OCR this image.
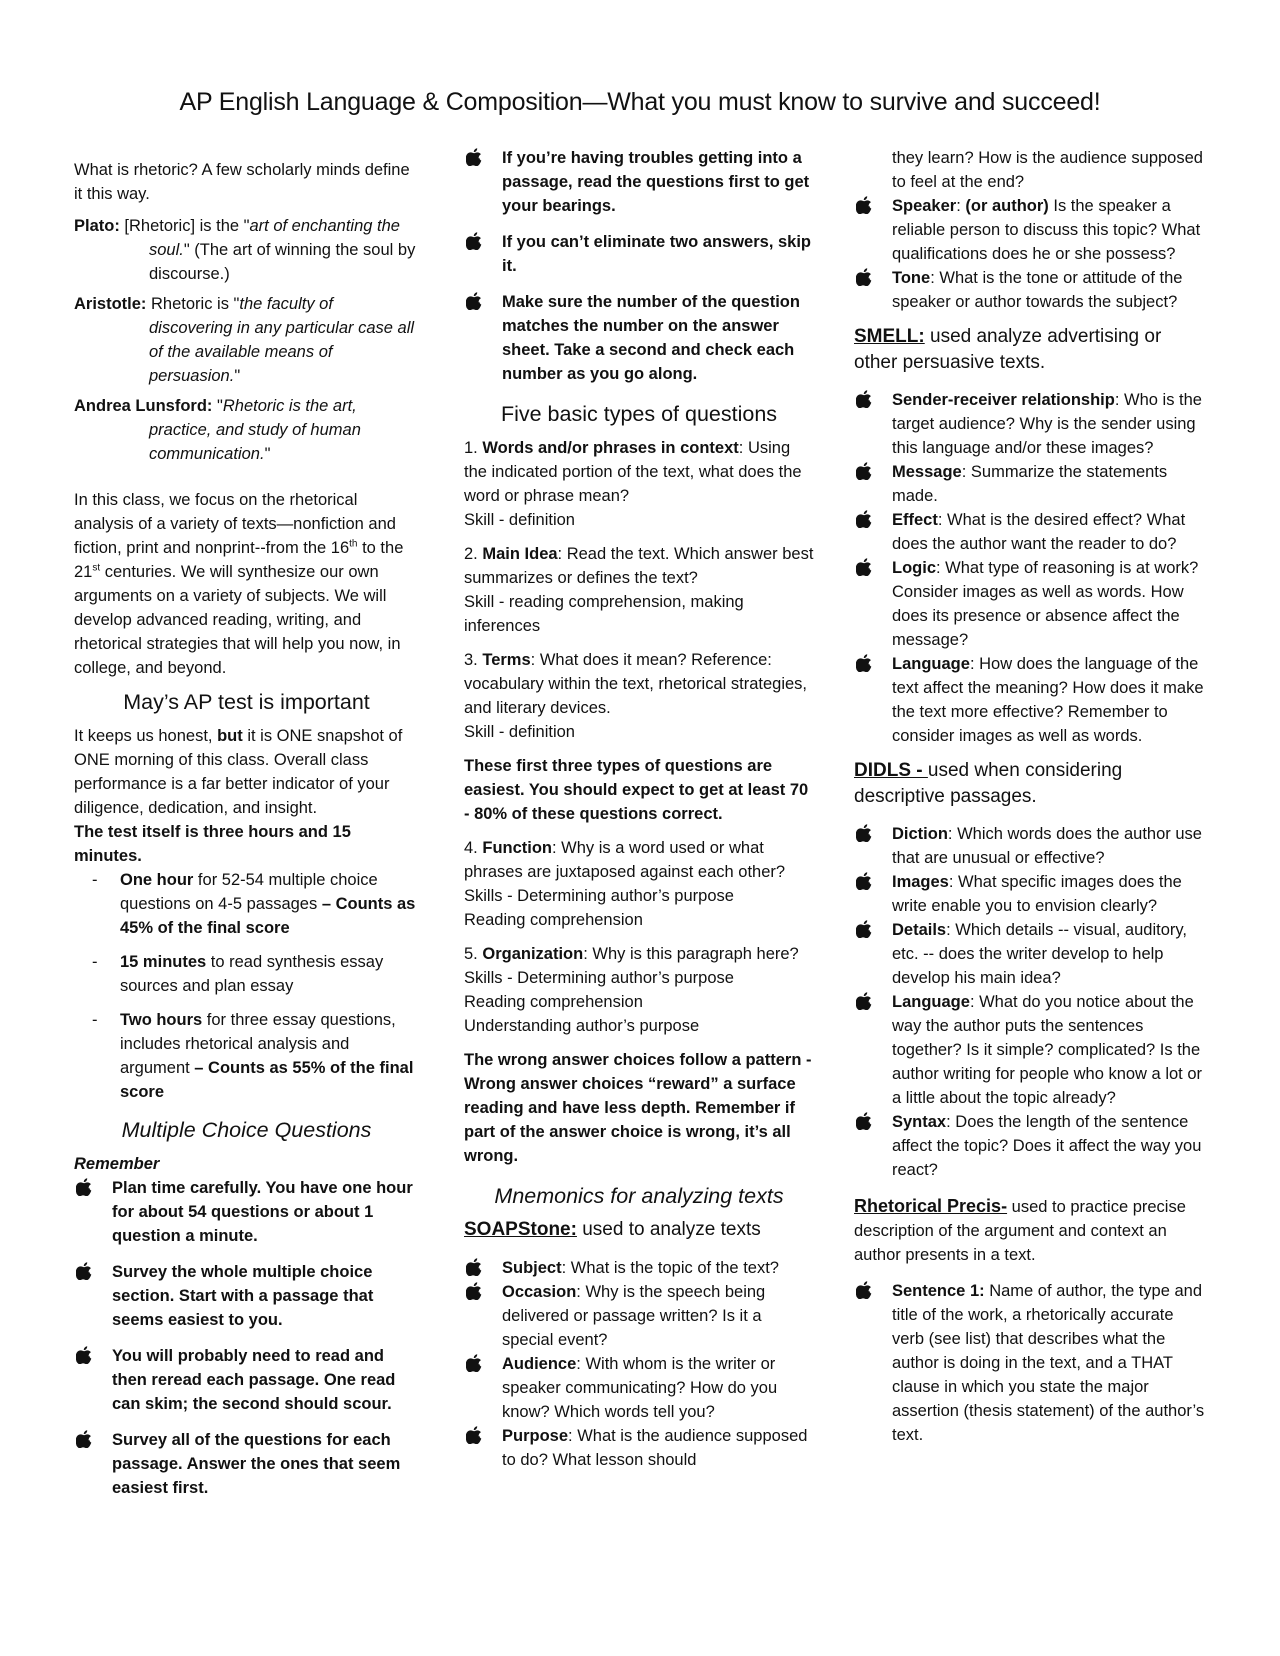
AP English Language & Composition—What you must know to survive and succeed!

What is rhetoric? A few scholarly minds define it this way.

Plato: [Rhetoric] is the "art of enchanting the soul." (The art of winning the soul by discourse.)

Aristotle: Rhetoric is "the faculty of discovering in any particular case all of the available means of persuasion."

Andrea Lunsford: "Rhetoric is the art, practice, and study of human communication."

In this class, we focus on the rhetorical analysis of a variety of texts—nonfiction and fiction, print and nonprint--from the 16th to the 21st centuries. We will synthesize our own arguments on a variety of subjects. We will develop advanced reading, writing, and rhetorical strategies that will help you now, in college, and beyond.

May’s AP test is important

It keeps us honest, but it is ONE snapshot of ONE morning of this class. Overall class performance is a far better indicator of your diligence, dedication, and insight.

The test itself is three hours and 15 minutes.

- One hour for 52-54 multiple choice questions on 4-5 passages – Counts as 45% of the final score
- 15 minutes to read synthesis essay sources and plan essay
- Two hours for three essay questions, includes rhetorical analysis and argument – Counts as 55% of the final score

Multiple Choice Questions

Remember

Plan time carefully. You have one hour for about 54 questions or about 1 question a minute.
Survey the whole multiple choice section. Start with a passage that seems easiest to you.
You will probably need to read and then reread each passage. One read can skim; the second should scour.
Survey all of the questions for each passage. Answer the ones that seem easiest first.
If you’re having troubles getting into a passage, read the questions first to get your bearings.
If you can’t eliminate two answers, skip it.
Make sure the number of the question matches the number on the answer sheet. Take a second and check each number as you go along.

Five basic types of questions

1. Words and/or phrases in context: Using the indicated portion of the text, what does the word or phrase mean?

Skill - definition

2. Main Idea: Read the text. Which answer best summarizes or defines the text?

Skill - reading comprehension, making inferences

3. Terms: What does it mean? Reference: vocabulary within the text, rhetorical strategies, and literary devices.

Skill - definition

These first three types of questions are easiest. You should expect to get at least 70 - 80% of these questions correct.

4. Function: Why is a word used or what phrases are juxtaposed against each other?

Skills - Determining author’s purpose

Reading comprehension

5. Organization: Why is this paragraph here?

Skills - Determining author’s purpose

Reading comprehension

Understanding author’s purpose

The wrong answer choices follow a pattern - Wrong answer choices “reward” a surface reading and have less depth. Remember if part of the answer choice is wrong, it’s all wrong.

Mnemonics for analyzing texts

SOAPStone: used to analyze texts

Subject: What is the topic of the text?
Occasion: Why is the speech being delivered or passage written? Is it a special event?
Audience: With whom is the writer or speaker communicating? How do you know? Which words tell you?
Purpose: What is the audience supposed to do? What lesson should

they learn? How is the audience supposed to feel at the end?

Speaker: (or author) Is the speaker a reliable person to discuss this topic? What qualifications does he or she possess?
Tone: What is the tone or attitude of the speaker or author towards the subject?

SMELL: used analyze advertising or other persuasive texts.

Sender-receiver relationship: Who is the target audience? Why is the sender using this language and/or these images?
Message: Summarize the statements made.
Effect: What is the desired effect? What does the author want the reader to do?
Logic: What type of reasoning is at work? Consider images as well as words. How does its presence or absence affect the message?
Language: How does the language of the text affect the meaning? How does it make the text more effective? Remember to consider images as well as words.

DIDLS - used when considering descriptive passages.

Diction: Which words does the author use that are unusual or effective?
Images: What specific images does the write enable you to envision clearly?
Details: Which details -- visual, auditory, etc. -- does the writer develop to help develop his main idea?
Language: What do you notice about the way the author puts the sentences together? Is it simple? complicated? Is the author writing for people who know a lot or a little about the topic already?
Syntax: Does the length of the sentence affect the topic? Does it affect the way you react?

Rhetorical Precis- used to practice precise description of the argument and context an author presents in a text.

Sentence 1: Name of author, the type and title of the work, a rhetorically accurate verb (see list) that describes what the author is doing in the text, and a THAT clause in which you state the major assertion (thesis statement) of the author’s text.
